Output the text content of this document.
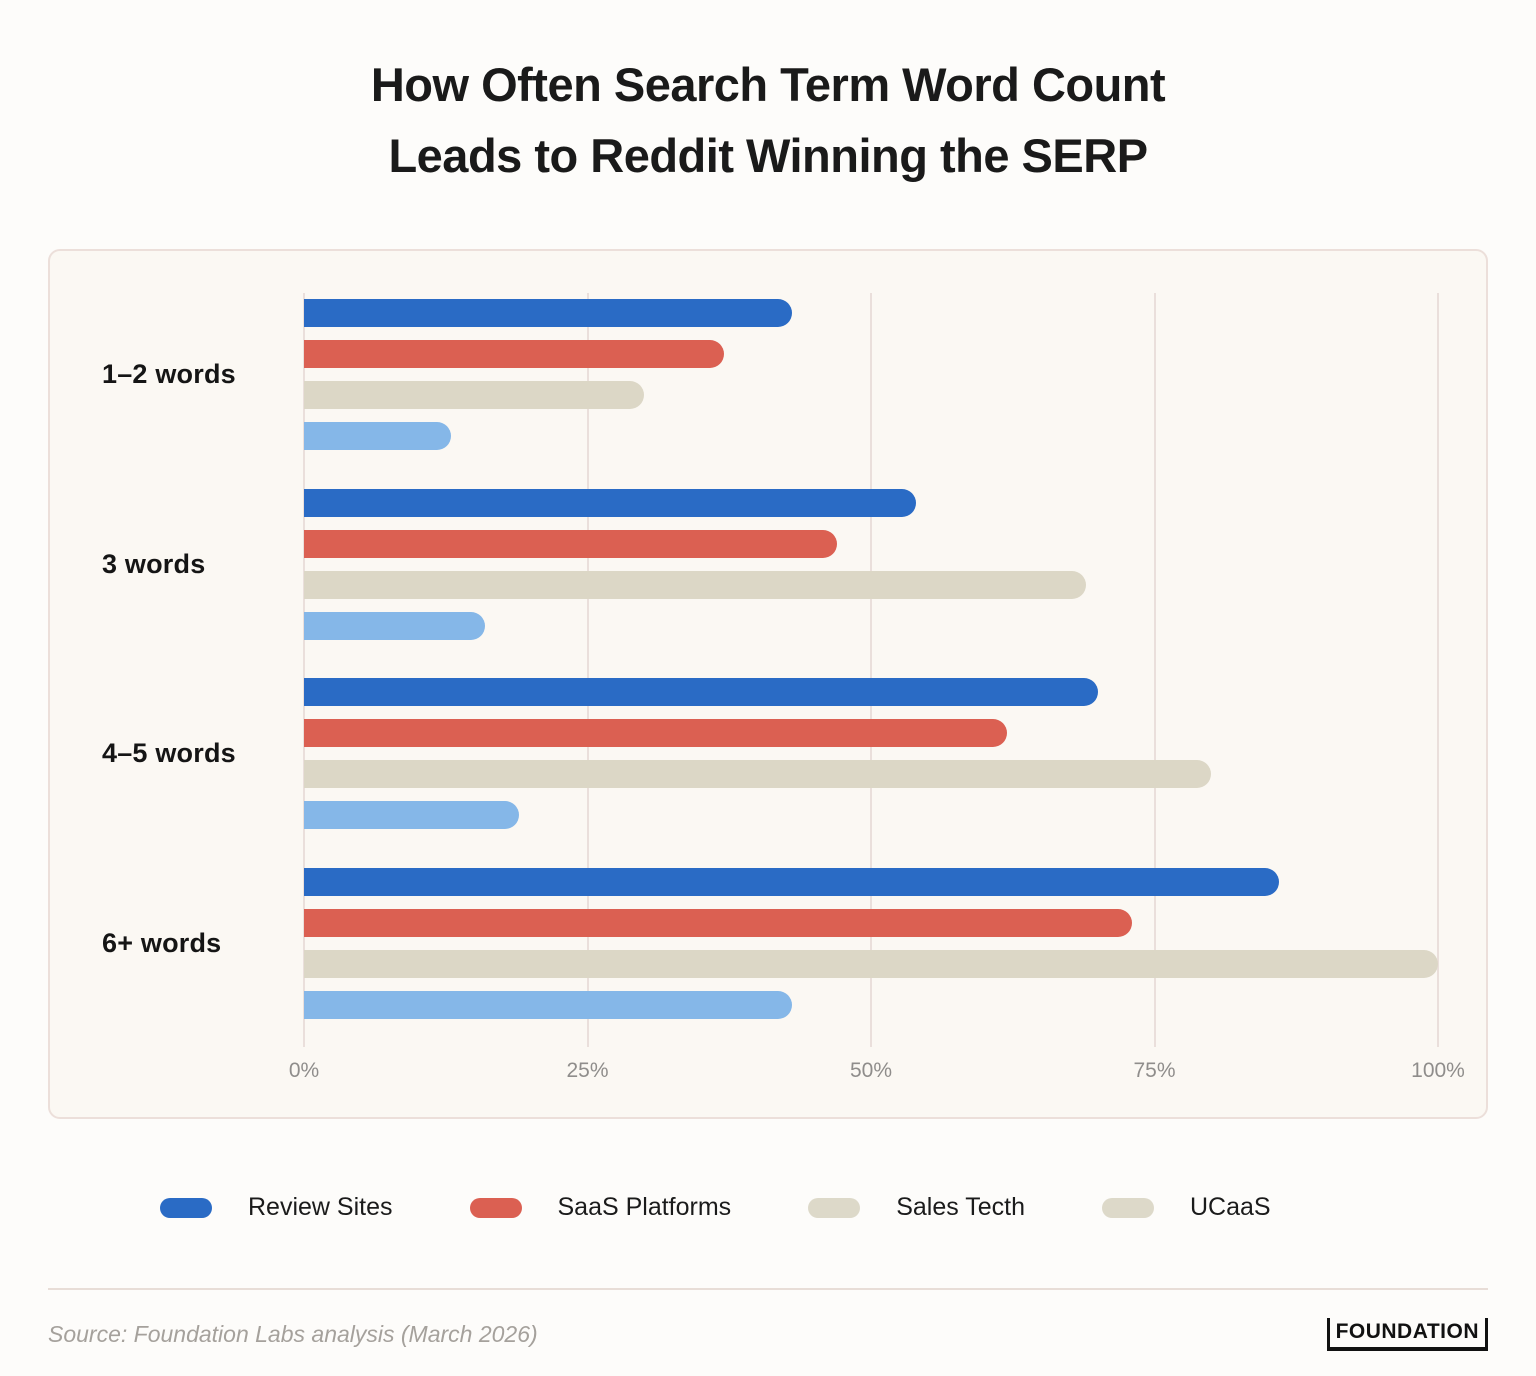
How Often Search Term Word Count
Leads to Reddit Winning the SERP
0%	25%	50%	75%	100%
1–2 words
3 words
4–5 words
6+ words
Review Sites	SaaS Platforms	Sales Tecth	UCaaS
Source: Foundation Labs analysis (March 2026)	FOUNDATION
